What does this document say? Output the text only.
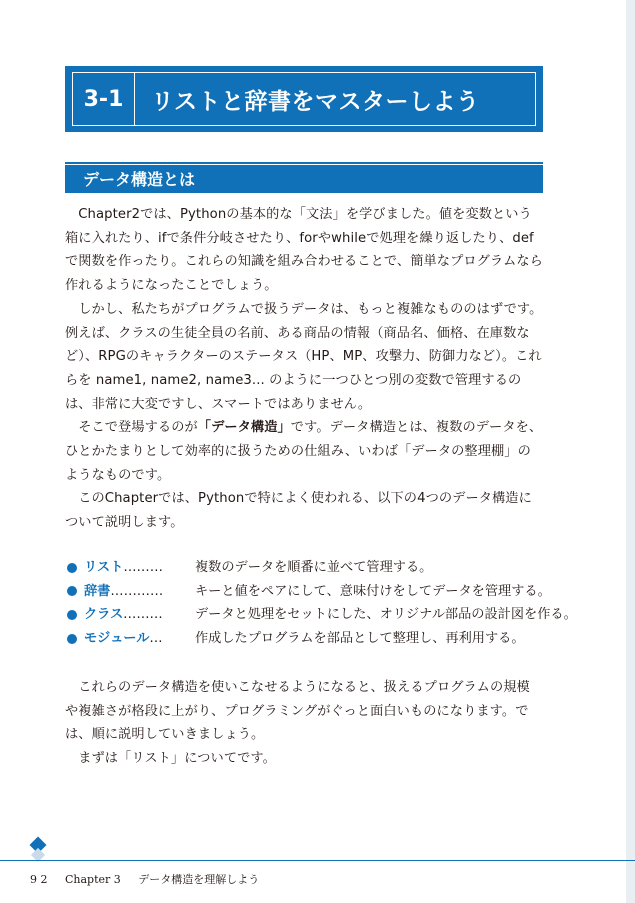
3-1	リストと辞書をマスターしよう
データ構造とは

Chapter2では、Pythonの基本的な「文法」を学びました。値を変数という箱に入れたり、ifで条件分岐させたり、forやwhileで処理を繰り返したり、defで関数を作ったり。これらの知識を組み合わせることで、簡単なプログラムなら作れるようになったことでしょう。

しかし、私たちがプログラムで扱うデータは、もっと複雑なもののはずです。例えば、クラスの生徒全員の名前、ある商品の情報（商品名、価格、在庫数など）、RPGのキャラクターのステータス（HP、MP、攻撃力、防御力など）。これらを name1, name2, name3... のように一つひとつ別の変数で管理するのは、非常に大変ですし、スマートではありません。

そこで登場するのが「データ構造」です。データ構造とは、複数のデータを、ひとかたまりとして効率的に扱うための仕組み、いわば「データの整理棚」のようなものです。

このChapterでは、Pythonで特によく使われる、以下の4つのデータ構造について説明します。

リスト ……… 複数のデータを順番に並べて管理する。
辞書 ………… キーと値をペアにして、意味付けをしてデータを管理する。
クラス ……… データと処理をセットにした、オリジナル部品の設計図を作る。
モジュール … 作成したプログラムを部品として整理し、再利用する。

これらのデータ構造を使いこなせるようになると、扱えるプログラムの規模や複雑さが格段に上がり、プログラミングがぐっと面白いものになります。では、順に説明していきましょう。

まずは「リスト」についてです。

9 2 Chapter 3 データ構造を理解しよう
